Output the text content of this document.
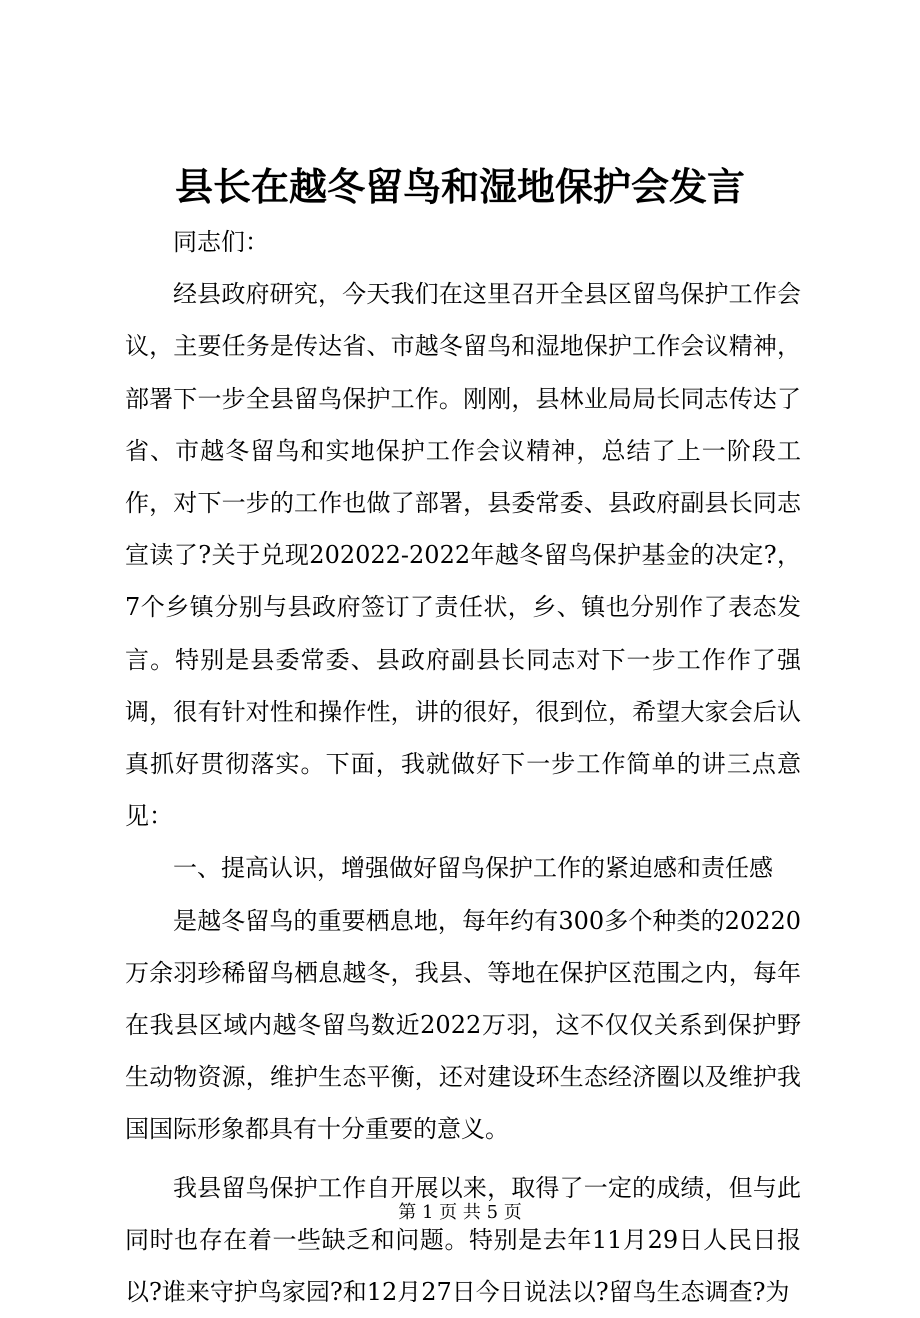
县长在越冬留鸟和湿地保护会发言

同志们：

经县政府研究，今天我们在这里召开全县区留鸟保护工作会议，主要任务是传达省、市越冬留鸟和湿地保护工作会议精神，部署下一步全县留鸟保护工作。刚刚，县林业局局长同志传达了省、市越冬留鸟和实地保护工作会议精神，总结了上一阶段工作，对下一步的工作也做了部署，县委常委、县政府副县长同志宣读了?关于兑现202022-2022年越冬留鸟保护基金的决定?，7个乡镇分别与县政府签订了责任状，乡、镇也分别作了表态发言。特别是县委常委、县政府副县长同志对下一步工作作了强调，很有针对性和操作性，讲的很好，很到位，希望大家会后认真抓好贯彻落实。下面，我就做好下一步工作简单的讲三点意见：

一、提高认识，增强做好留鸟保护工作的紧迫感和责任感

是越冬留鸟的重要栖息地，每年约有300多个种类的20220万余羽珍稀留鸟栖息越冬，我县、等地在保护区范围之内，每年在我县区域内越冬留鸟数近2022万羽，这不仅仅关系到保护野生动物资源，维护生态平衡，还对建设环生态经济圈以及维护我国国际形象都具有十分重要的意义。

我县留鸟保护工作自开展以来，取得了一定的成绩，但与此同时也存在着一些缺乏和问题。特别是去年11月29日人民日报以?谁来守护鸟家园?和12月27日今日说法以?留鸟生态调查?为

第 1 页 共 5 页
